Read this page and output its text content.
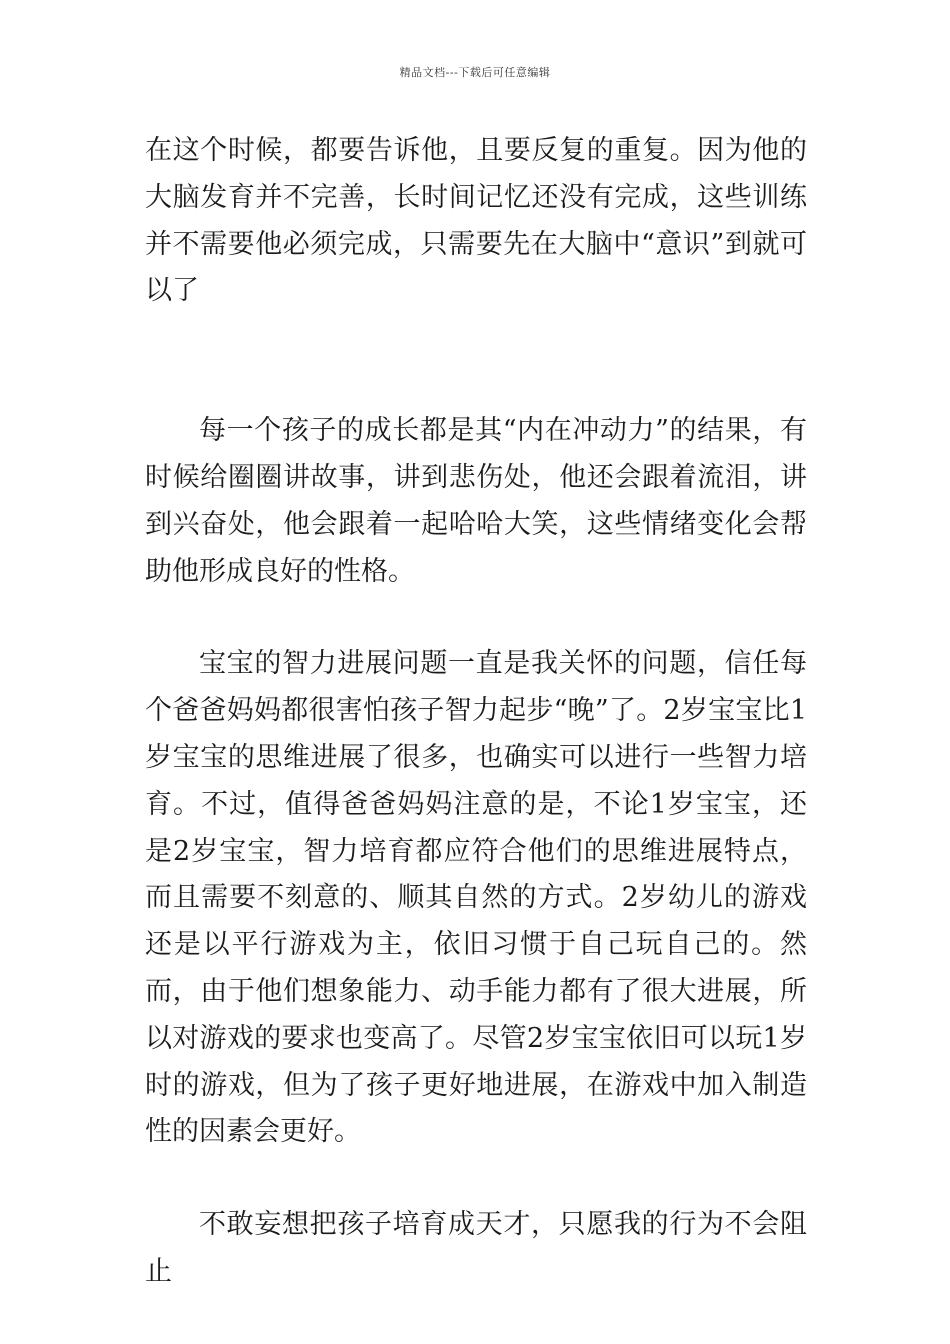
精品文档---下载后可任意编辑

在这个时候，都要告诉他，且要反复的重复。因为他的大脑发育并不完善，长时间记忆还没有完成，这些训练并不需要他必须完成，只需要先在大脑中“意识”到就可以了

每一个孩子的成长都是其“内在冲动力”的结果，有时候给圈圈讲故事，讲到悲伤处，他还会跟着流泪，讲到兴奋处，他会跟着一起哈哈大笑，这些情绪变化会帮助他形成良好的性格。

宝宝的智力进展问题一直是我关怀的问题，信任每个爸爸妈妈都很害怕孩子智力起步“晚”了。2岁宝宝比1岁宝宝的思维进展了很多，也确实可以进行一些智力培育。不过，值得爸爸妈妈注意的是，不论1岁宝宝，还是2岁宝宝，智力培育都应符合他们的思维进展特点，而且需要不刻意的、顺其自然的方式。2岁幼儿的游戏还是以平行游戏为主，依旧习惯于自己玩自己的。然而，由于他们想象能力、动手能力都有了很大进展，所以对游戏的要求也变高了。尽管2岁宝宝依旧可以玩1岁时的游戏，但为了孩子更好地进展，在游戏中加入制造性的因素会更好。

不敢妄想把孩子培育成天才，只愿我的行为不会阻止
